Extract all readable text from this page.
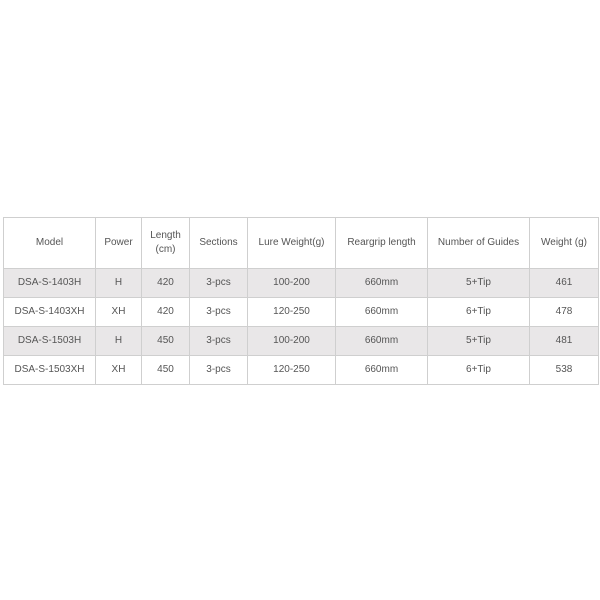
Model	Power	Length (cm)	Sections	Lure Weight(g)	Reargrip length	Number of Guides	Weight (g)
DSA-S-1403H	H	420	3-pcs	100-200	660mm	5+Tip	461
DSA-S-1403XH	XH	420	3-pcs	120-250	660mm	6+Tip	478
DSA-S-1503H	H	450	3-pcs	100-200	660mm	5+Tip	481
DSA-S-1503XH	XH	450	3-pcs	120-250	660mm	6+Tip	538
